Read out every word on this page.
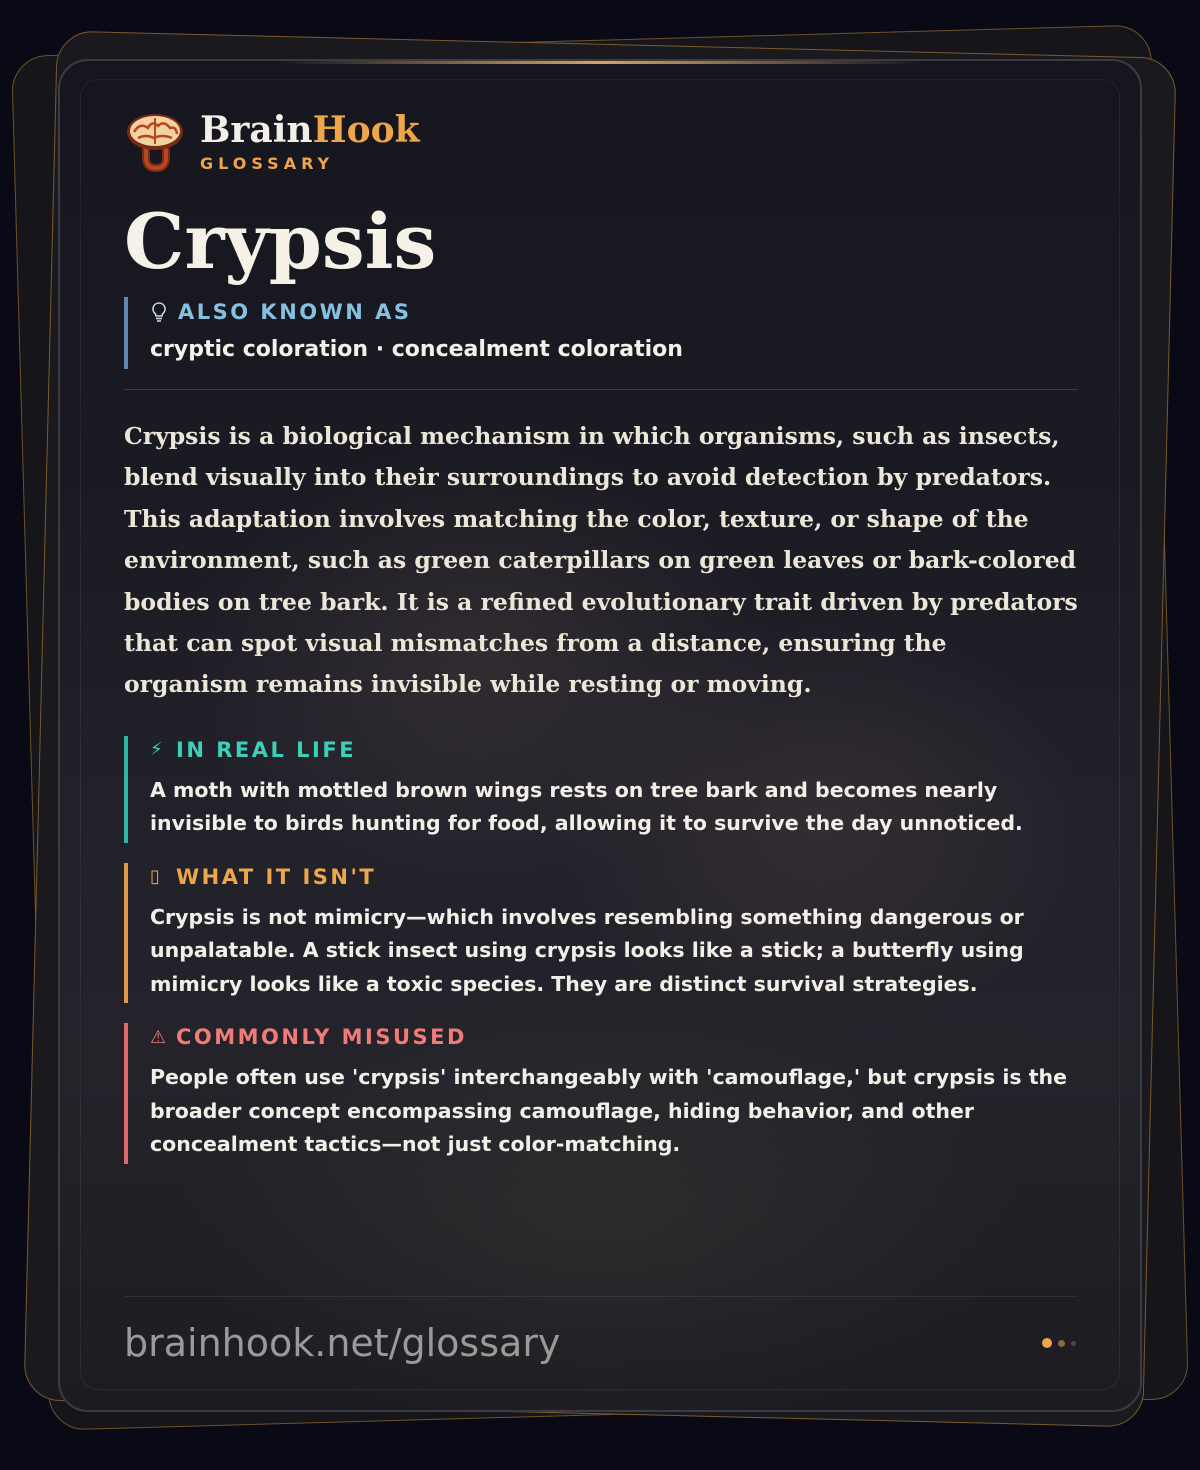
BrainHook
GLOSSARY
Crypsis
ALSO KNOWN AS
cryptic coloration · concealment coloration

Crypsis is a biological mechanism in which organisms, such as insects, blend visually into their surroundings to avoid detection by predators. This adaptation involves matching the color, texture, or shape of the environment, such as green caterpillars on green leaves or bark-colored bodies on tree bark. It is a refined evolutionary trait driven by predators that can spot visual mismatches from a distance, ensuring the organism remains invisible while resting or moving.

⚡ IN REAL LIFE
A moth with mottled brown wings rests on tree bark and becomes nearly invisible to birds hunting for food, allowing it to survive the day unnoticed.
▯ WHAT IT ISN'T
Crypsis is not mimicry—which involves resembling something dangerous or unpalatable. A stick insect using crypsis looks like a stick; a butterfly using mimicry looks like a toxic species. They are distinct survival strategies.
⚠ COMMONLY MISUSED
People often use 'crypsis' interchangeably with 'camouflage,' but crypsis is the broader concept encompassing camouflage, hiding behavior, and other concealment tactics—not just color-matching.
brainhook.net/glossary
